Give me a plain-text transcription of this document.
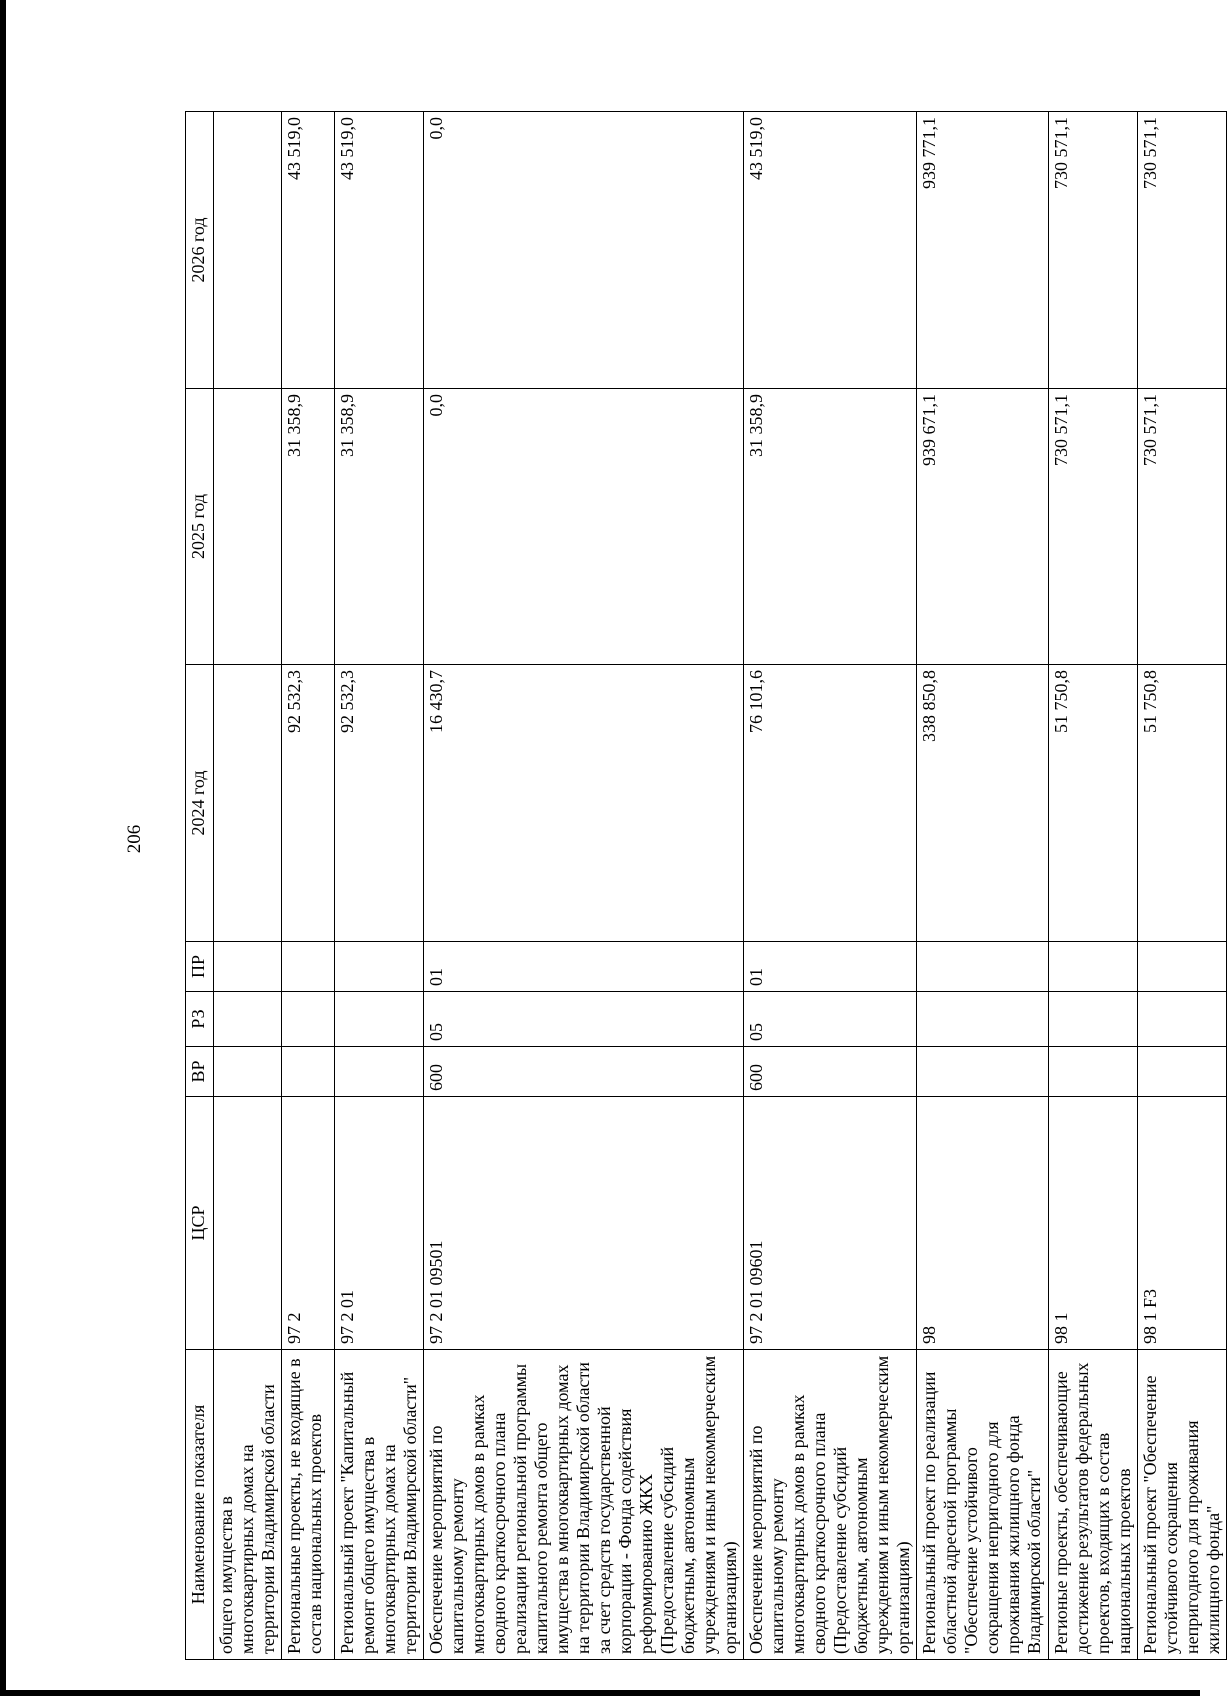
206
Наименование показателя	ЦСР	ВР	РЗ	ПР	2024 год	2025 год	2026 год
общего имущества в многоквартирных домах на территории Владимирской области							
Региональные проекты, не входящие в состав национальных проектов	97 2				92 532,3	31 358,9	43 519,0
Региональный проект "Капитальный ремонт общего имущества в многоквартирных домах на территории Владимирской области"	97 2 01				92 532,3	31 358,9	43 519,0
Обеспечение мероприятий по капитальному ремонту многоквартирных домов в рамках сводного краткосрочного плана реализации региональной программы капитального ремонта общего имущества в многоквартирных домах на территории Владимирской области за счет средств государственной корпорации - Фонда содействия реформированию ЖКХ (Предоставление субсидий бюджетным, автономным учреждениям и иным некоммерческим организациям)	97 2 01 09501	600	05	01	16 430,7	0,0	0,0
Обеспечение мероприятий по капитальному ремонту многоквартирных домов в рамках сводного краткосрочного плана (Предоставление субсидий бюджетным, автономным учреждениям и иным некоммерческим организациям)	97 2 01 09601	600	05	01	76 101,6	31 358,9	43 519,0
Региональный проект по реализации областной адресной программы "Обеспечение устойчивого сокращения непригодного для проживания жилищного фонда Владимирской области"	98				338 850,8	939 671,1	939 771,1
Регионые проекты, обеспечивающие достижение результатов федеральных проектов, входящих в состав национальных проектов	98 1				51 750,8	730 571,1	730 571,1
Региональный проект "Обеспечение устойчивого сокращения непригодного для проживания жилищного фонда"	98 1 F3				51 750,8	730 571,1	730 571,1
